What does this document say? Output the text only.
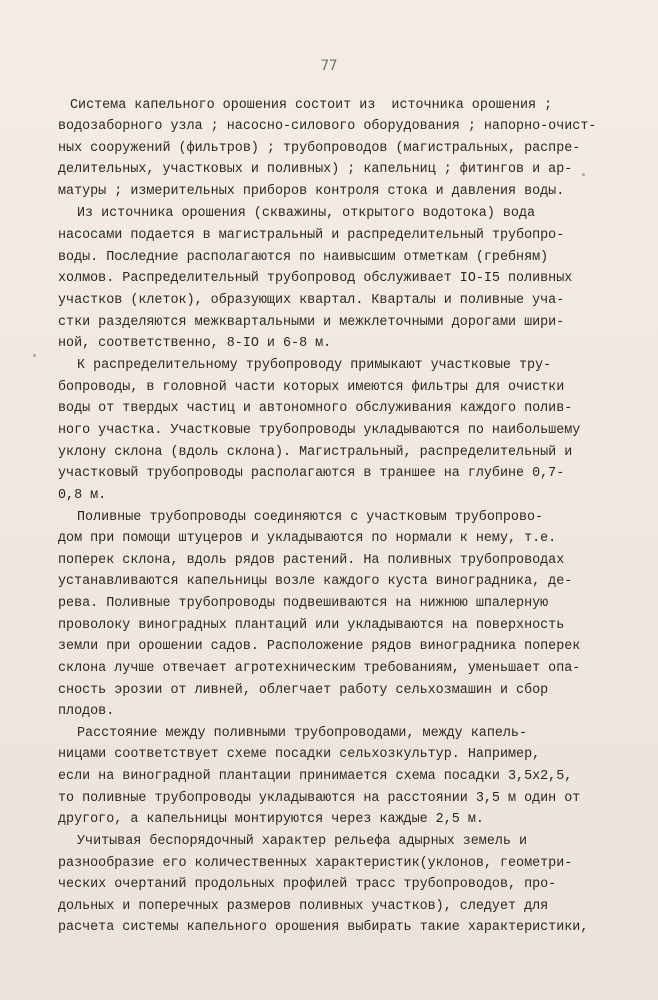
77
Система капельного орошения состоит из  источника орошения ;
водозаборного узла ; насосно-силового оборудования ; напорно-очист-
ных сооружений (фильтров) ; трубопроводов (магистральных, распре-
делительных, участковых и поливных) ; капельниц ; фитингов и ар-
матуры ; измерительных приборов контроля стока и давления воды.
Из источника орошения (скважины, открытого водотока) вода
насосами подается в магистральный и распределительный трубопро-
воды. Последние располагаются по наивысшим отметкам (гребням)
холмов. Распределительный трубопровод обслуживает IO-I5 поливных
участков (клеток), образующих квартал. Кварталы и поливные уча-
стки разделяются межквартальными и межклеточными дорогами шири-
ной, соответственно, 8-IO и 6-8 м.
К распределительному трубопроводу примыкают участковые тру-
бопроводы, в головной части которых имеются фильтры для очистки
воды от твердых частиц и автономного обслуживания каждого полив-
ного участка. Участковые трубопроводы укладываются по наибольшему
уклону склона (вдоль склона). Магистральный, распределительный и
участковый трубопроводы располагаются в траншее на глубине 0,7-
0,8 м.
Поливные трубопроводы соединяются с участковым трубопрово-
дом при помощи штуцеров и укладываются по нормали к нему, т.е.
поперек склона, вдоль рядов растений. На поливных трубопроводах
устанавливаются капельницы возле каждого куста виноградника, де-
рева. Поливные трубопроводы подвешиваются на нижнюю шпалерную
проволоку виноградных плантаций или укладываются на поверхность
земли при орошении садов. Расположение рядов виноградника поперек
склона лучше отвечает агротехническим требованиям, уменьшает опа-
сность эрозии от ливней, облегчает работу сельхозмашин и сбор
плодов.
Расстояние между поливными трубопроводами, между капель-
ницами соответствует схеме посадки сельхозкультур. Например,
если на виноградной плантации принимается схема посадки 3,5х2,5,
то поливные трубопроводы укладываются на расстоянии 3,5 м один от
другого, а капельницы монтируются через каждые 2,5 м.
Учитывая беспорядочный характер рельефа адырных земель и
разнообразие его количественных характеристик(уклонов, геометри-
ческих очертаний продольных профилей трасс трубопроводов, про-
дольных и поперечных размеров поливных участков), следует для
расчета системы капельного орошения выбирать такие характеристики,
